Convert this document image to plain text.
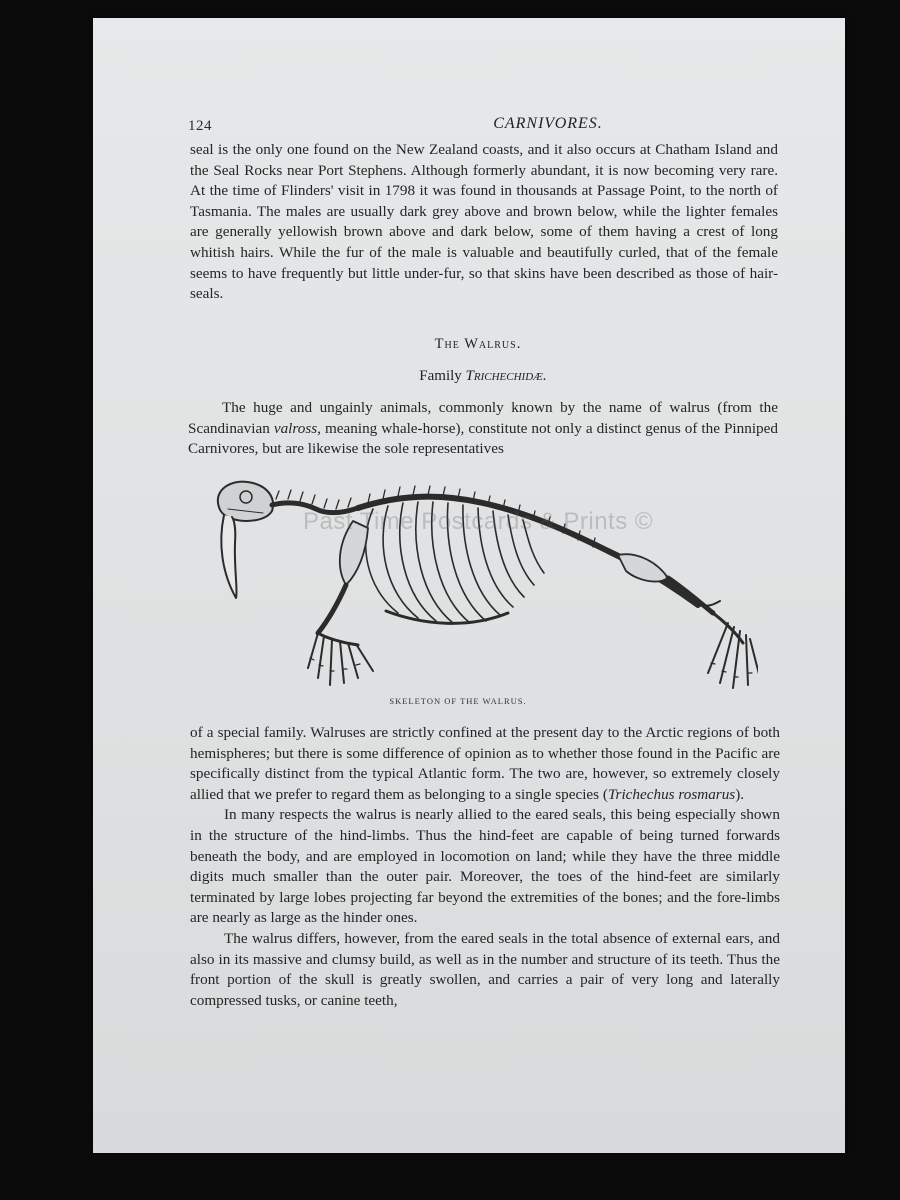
124	CARNIVORES.

seal is the only one found on the New Zealand coasts, and it also occurs at Chatham Island and the Seal Rocks near Port Stephens. Although formerly abundant, it is now becoming very rare. At the time of Flinders' visit in 1798 it was found in thousands at Passage Point, to the north of Tasmania. The males are usually dark grey above and brown below, while the lighter females are generally yellowish brown above and dark below, some of them having a crest of long whitish hairs. While the fur of the male is valuable and beautifully curled, that of the female seems to have frequently but little under-fur, so that skins have been described as those of hair-seals.

The Walrus.
Family Trichechidæ.

The huge and ungainly animals, commonly known by the name of walrus (from the Scandinavian valross, meaning whale-horse), constitute not only a distinct genus of the Pinniped Carnivores, but are likewise the sole representatives

Past Time Postcards & Prints ©
SKELETON OF THE WALRUS.

of a special family. Walruses are strictly confined at the present day to the Arctic regions of both hemispheres; but there is some difference of opinion as to whether those found in the Pacific are specifically distinct from the typical Atlantic form. The two are, however, so extremely closely allied that we prefer to regard them as belonging to a single species (Trichechus rosmarus).

In many respects the walrus is nearly allied to the eared seals, this being especially shown in the structure of the hind-limbs. Thus the hind-feet are capable of being turned forwards beneath the body, and are employed in locomotion on land; while they have the three middle digits much smaller than the outer pair. Moreover, the toes of the hind-feet are similarly terminated by large lobes projecting far beyond the extremities of the bones; and the fore-limbs are nearly as large as the hinder ones.

The walrus differs, however, from the eared seals in the total absence of external ears, and also in its massive and clumsy build, as well as in the number and structure of its teeth. Thus the front portion of the skull is greatly swollen, and carries a pair of very long and laterally compressed tusks, or canine teeth,
